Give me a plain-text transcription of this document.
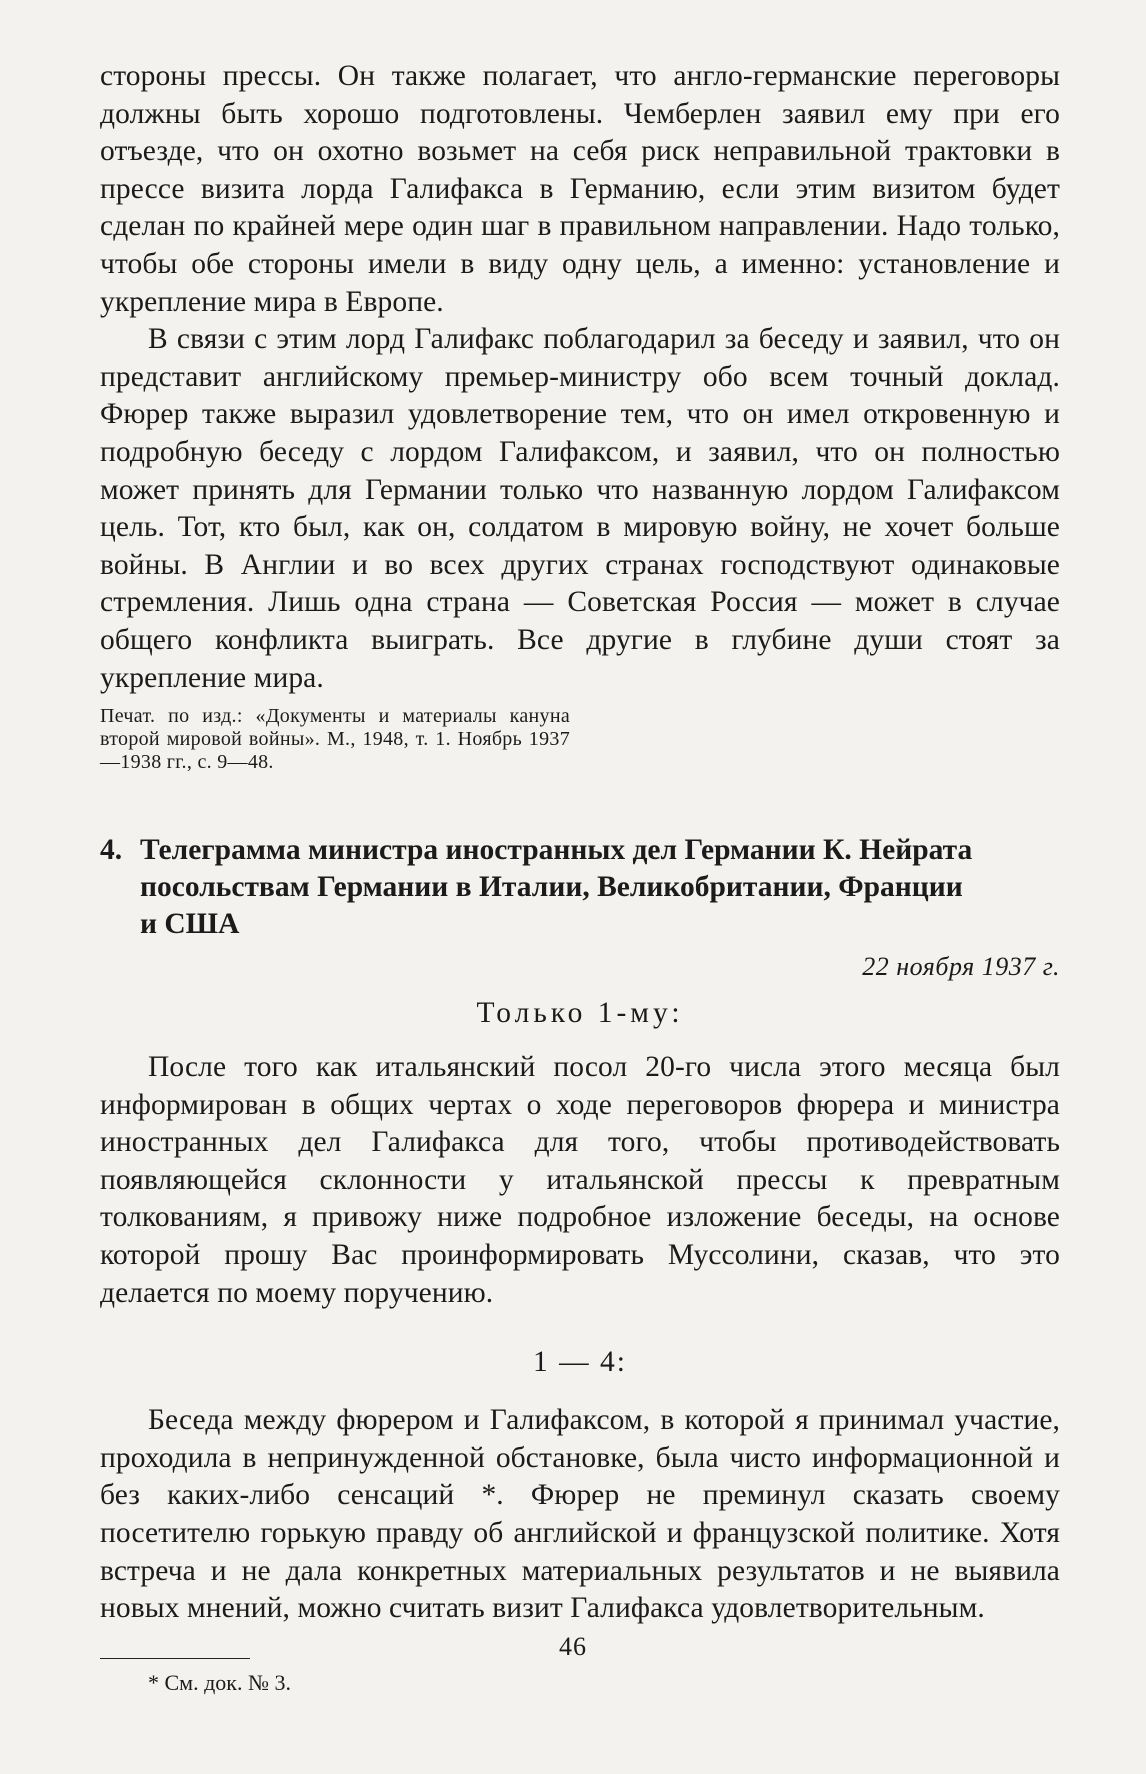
стороны прессы. Он также полагает, что англо-германские переговоры должны быть хорошо подготовлены. Чемберлен заявил ему при его отъезде, что он охотно возьмет на себя риск неправильной трактовки в прессе визита лорда Галифакса в Германию, если этим визитом будет сделан по крайней мере один шаг в правильном направлении. Надо только, чтобы обе стороны имели в виду одну цель, а именно: установление и укрепление мира в Европе.

В связи с этим лорд Галифакс поблагодарил за беседу и заявил, что он представит английскому премьер-министру обо всем точный доклад. Фюрер также выразил удовлетворение тем, что он имел откровенную и подробную беседу с лордом Галифаксом, и заявил, что он полностью может принять для Германии только что названную лордом Галифаксом цель. Тот, кто был, как он, солдатом в мировую войну, не хочет больше войны. В Англии и во всех других странах господствуют одинаковые стремления. Лишь одна страна — Советская Россия — может в случае общего конфликта выиграть. Все другие в глубине души стоят за укрепление мира.

Печат. по изд.: «Документы и материалы кануна второй мировой войны». М., 1948, т. 1. Ноябрь 1937—1938 гг., с. 9—48.

4. Телеграмма министра иностранных дел Германии К. Нейрата
посольствам Германии в Италии, Великобритании, Франции
и США

22 ноября 1937 г.

Только 1-му:

После того как итальянский посол 20-го числа этого месяца был информирован в общих чертах о ходе переговоров фюрера и министра иностранных дел Галифакса для того, чтобы противодействовать появляющейся склонности у итальянской прессы к превратным толкованиям, я привожу ниже подробное изложение беседы, на основе которой прошу Вас проинформировать Муссолини, сказав, что это делается по моему поручению.

1 — 4:

Беседа между фюрером и Галифаксом, в которой я принимал участие, проходила в непринужденной обстановке, была чисто информационной и без каких-либо сенсаций *. Фюрер не преминул сказать своему посетителю горькую правду об английской и французской политике. Хотя встреча и не дала конкретных материальных результатов и не выявила новых мнений, можно считать визит Галифакса удовлетворительным.

* См. док. № 3.

46
